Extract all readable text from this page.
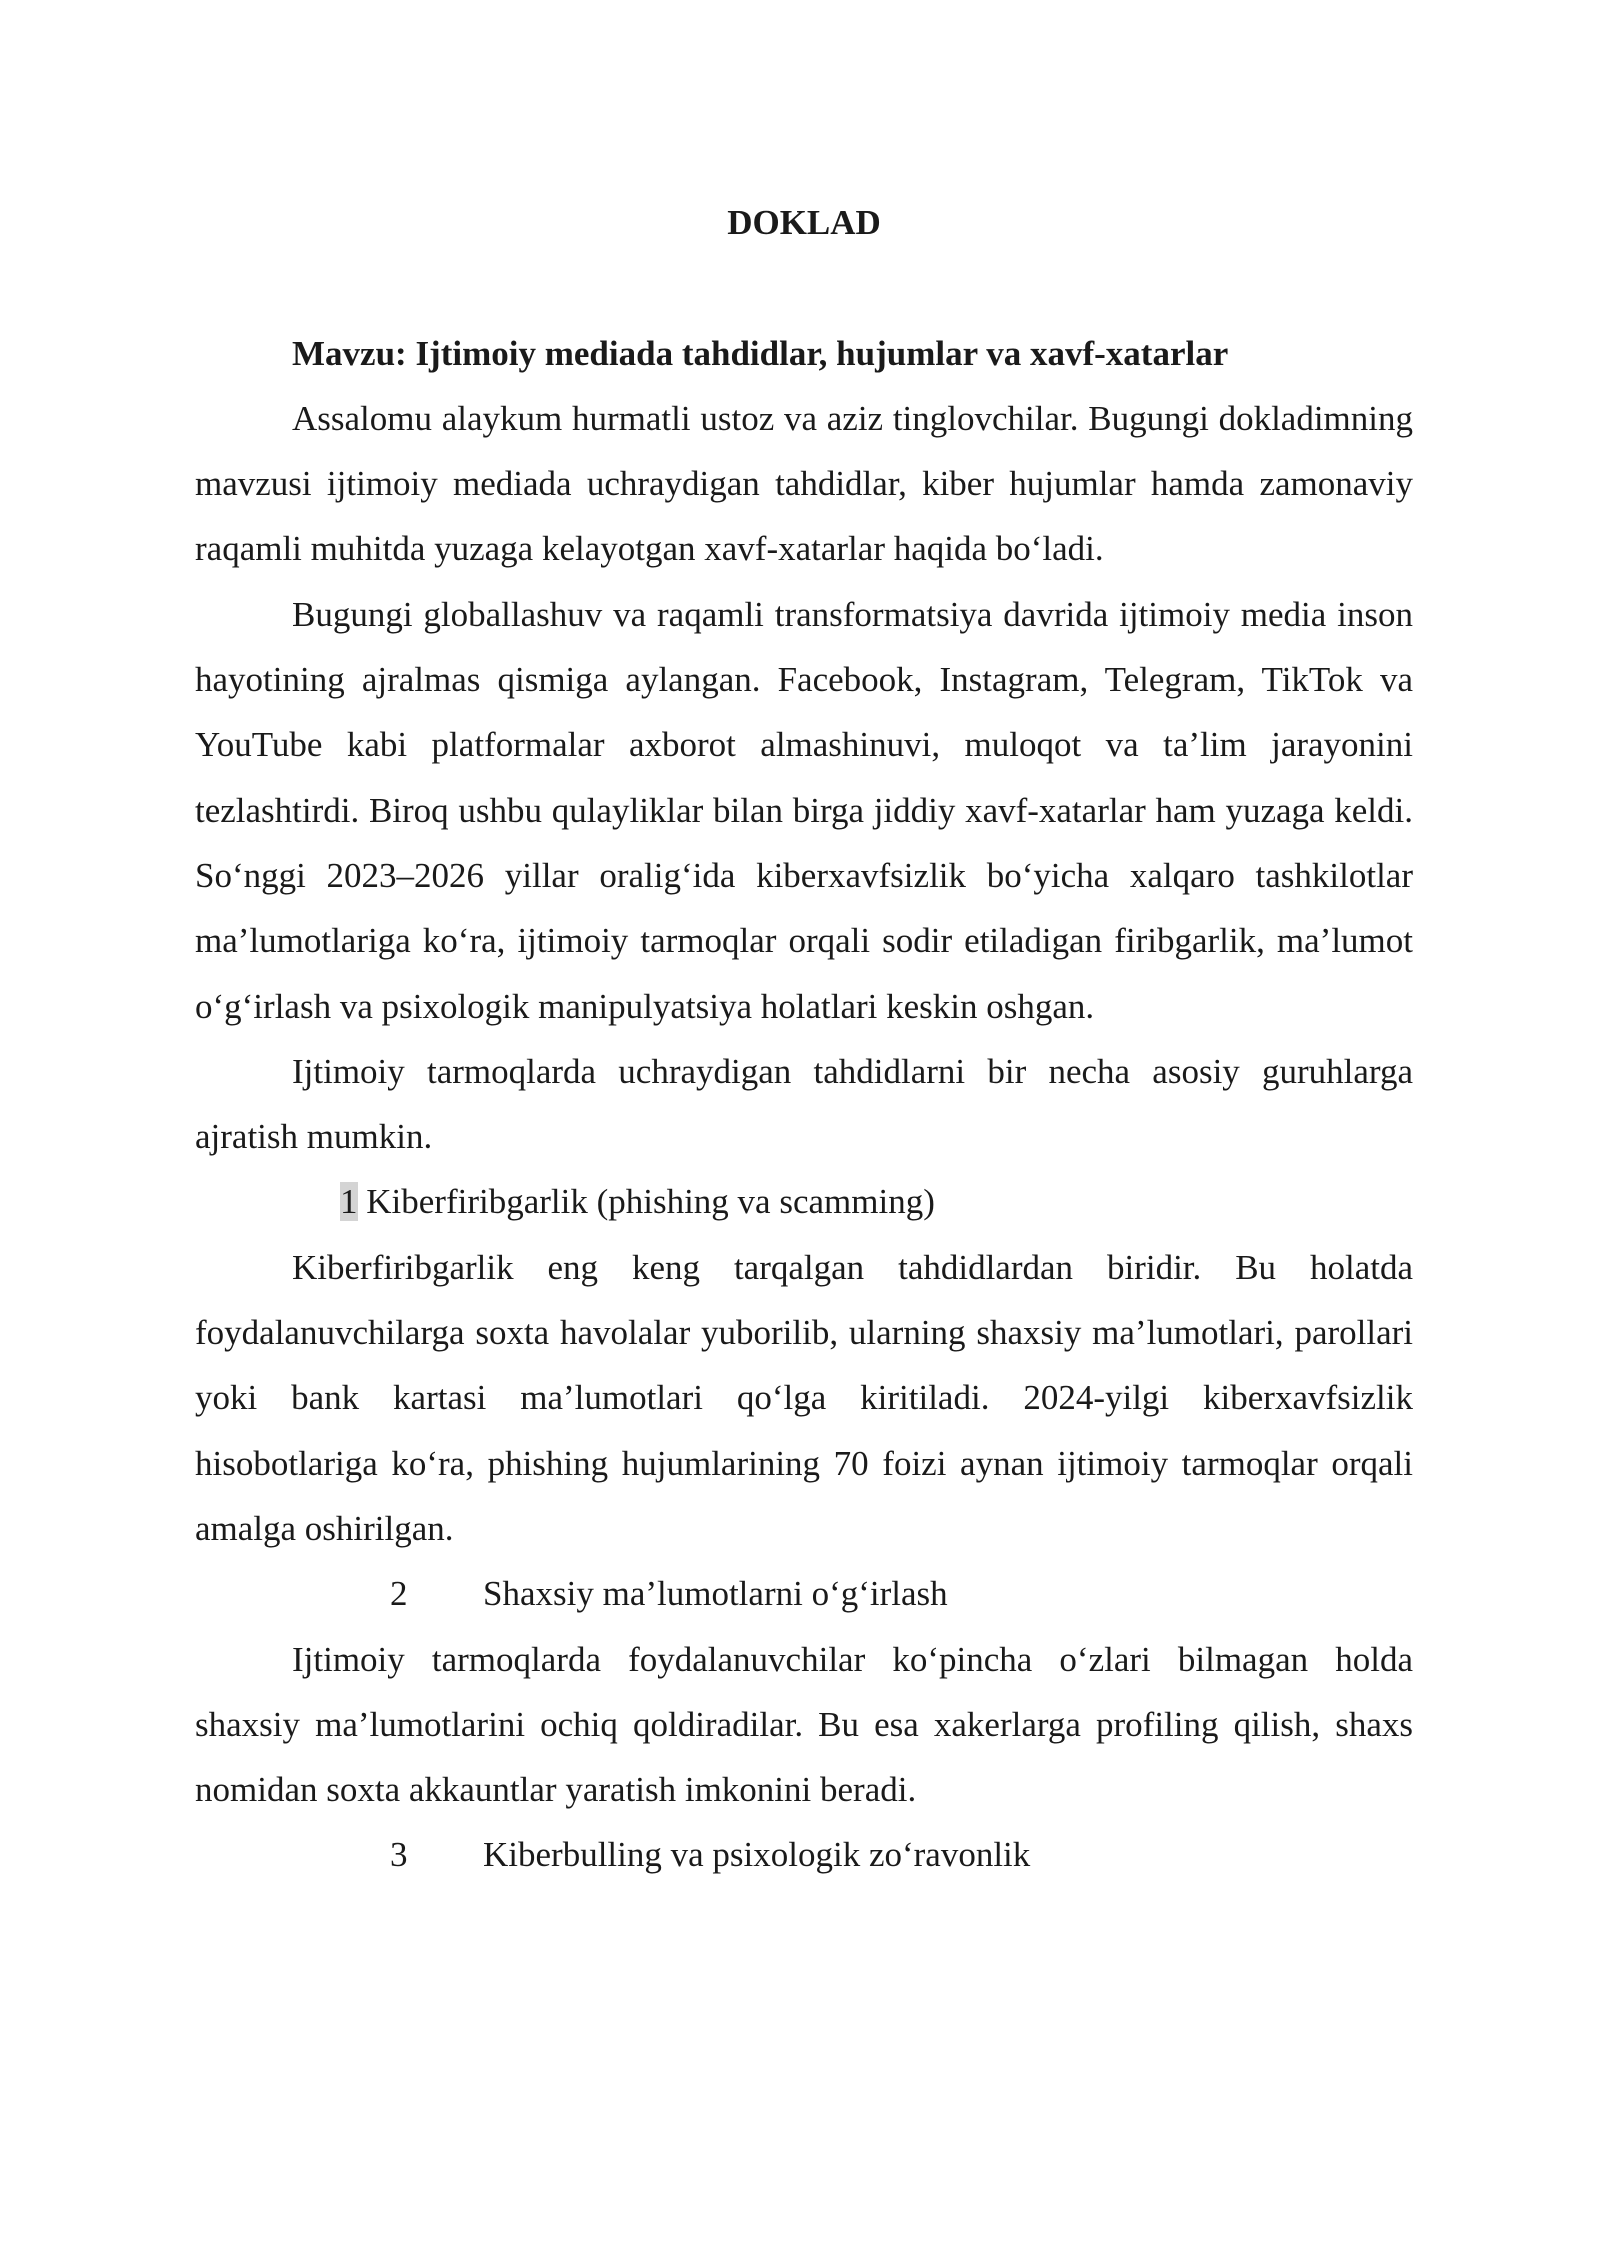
DOKLAD

Mavzu: Ijtimoiy mediada tahdidlar, hujumlar va xavf-xatarlar

Assalomu alaykum hurmatli ustoz va aziz tinglovchilar. Bugungi dokladimning mavzusi ijtimoiy mediada uchraydigan tahdidlar, kiber hujumlar hamda zamonaviy raqamli muhitda yuzaga kelayotgan xavf-xatarlar haqida bo‘ladi.

Bugungi globallashuv va raqamli transformatsiya davrida ijtimoiy media inson hayotining ajralmas qismiga aylangan. Facebook, Instagram, Telegram, TikTok va YouTube kabi platformalar axborot almashinuvi, muloqot va ta’lim jarayonini tezlashtirdi. Biroq ushbu qulayliklar bilan birga jiddiy xavf-xatarlar ham yuzaga keldi. So‘nggi 2023–2026 yillar oralig‘ida kiberxavfsizlik bo‘yicha xalqaro tashkilotlar ma’lumotlariga ko‘ra, ijtimoiy tarmoqlar orqali sodir etiladigan firibgarlik, ma’lumot o‘g‘irlash va psixologik manipulyatsiya holatlari keskin oshgan.

Ijtimoiy tarmoqlarda uchraydigan tahdidlarni bir necha asosiy guruhlarga ajratish mumkin.

1 Kiberfiribgarlik (phishing va scamming)

Kiberfiribgarlik eng keng tarqalgan tahdidlardan biridir. Bu holatda foydalanuvchilarga soxta havolalar yuborilib, ularning shaxsiy ma’lumotlari, parollari yoki bank kartasi ma’lumotlari qo‘lga kiritiladi. 2024-yilgi kiberxavfsizlik hisobotlariga ko‘ra, phishing hujumlarining 70 foizi aynan ijtimoiy tarmoqlar orqali amalga oshirilgan.

2 Shaxsiy ma’lumotlarni o‘g‘irlash

Ijtimoiy tarmoqlarda foydalanuvchilar ko‘pincha o‘zlari bilmagan holda shaxsiy ma’lumotlarini ochiq qoldiradilar. Bu esa xakerlarga profiling qilish, shaxs nomidan soxta akkauntlar yaratish imkonini beradi.

3 Kiberbulling va psixologik zo‘ravonlik
